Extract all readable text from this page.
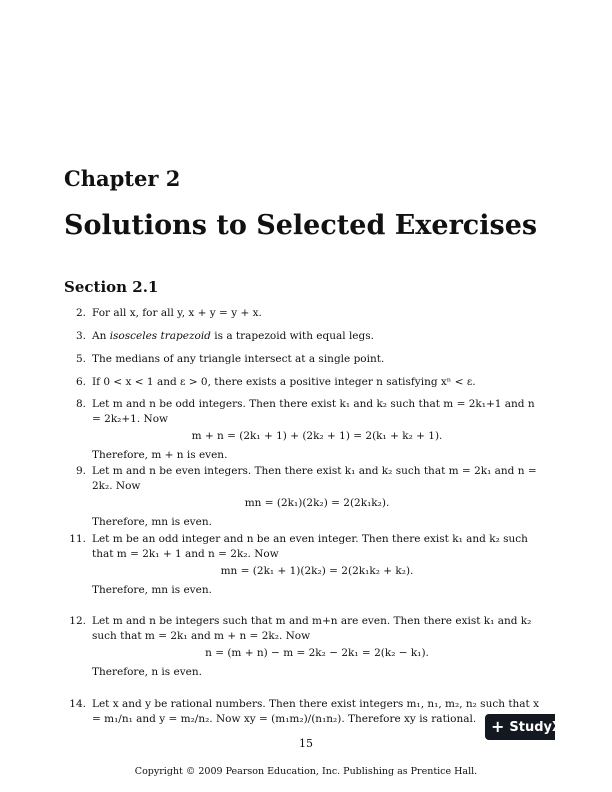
Chapter 2
Solutions to Selected Exercises
Section 2.1
2. For all x, for all y, x + y = y + x.
3. An isosceles trapezoid is a trapezoid with equal legs.
5. The medians of any triangle intersect at a single point.
6. If 0 < x < 1 and ε > 0, there exists a positive integer n satisfying xⁿ < ε.
8. Let m and n be odd integers. Then there exist k₁ and k₂ such that m = 2k₁+1 and n = 2k₂+1. Now
m + n = (2k₁ + 1) + (2k₂ + 1) = 2(k₁ + k₂ + 1).
Therefore, m + n is even.
9. Let m and n be even integers. Then there exist k₁ and k₂ such that m = 2k₁ and n = 2k₂. Now
mn = (2k₁)(2k₂) = 2(2k₁k₂).
Therefore, mn is even.
11. Let m be an odd integer and n be an even integer. Then there exist k₁ and k₂ such that m = 2k₁ + 1 and n = 2k₂. Now
mn = (2k₁ + 1)(2k₂) = 2(2k₁k₂ + k₂).
Therefore, mn is even.
12. Let m and n be integers such that m and m+n are even. Then there exist k₁ and k₂ such that m = 2k₁ and m + n = 2k₂. Now
n = (m + n) − m = 2k₂ − 2k₁ = 2(k₂ − k₁).
Therefore, n is even.
14. Let x and y be rational numbers. Then there exist integers m₁, n₁, m₂, n₂ such that x = m₁/n₁ and y = m₂/n₂. Now xy = (m₁m₂)/(n₁n₂). Therefore xy is rational.
15
Copyright © 2009 Pearson Education, Inc. Publishing as Prentice Hall.
+ StudyX
